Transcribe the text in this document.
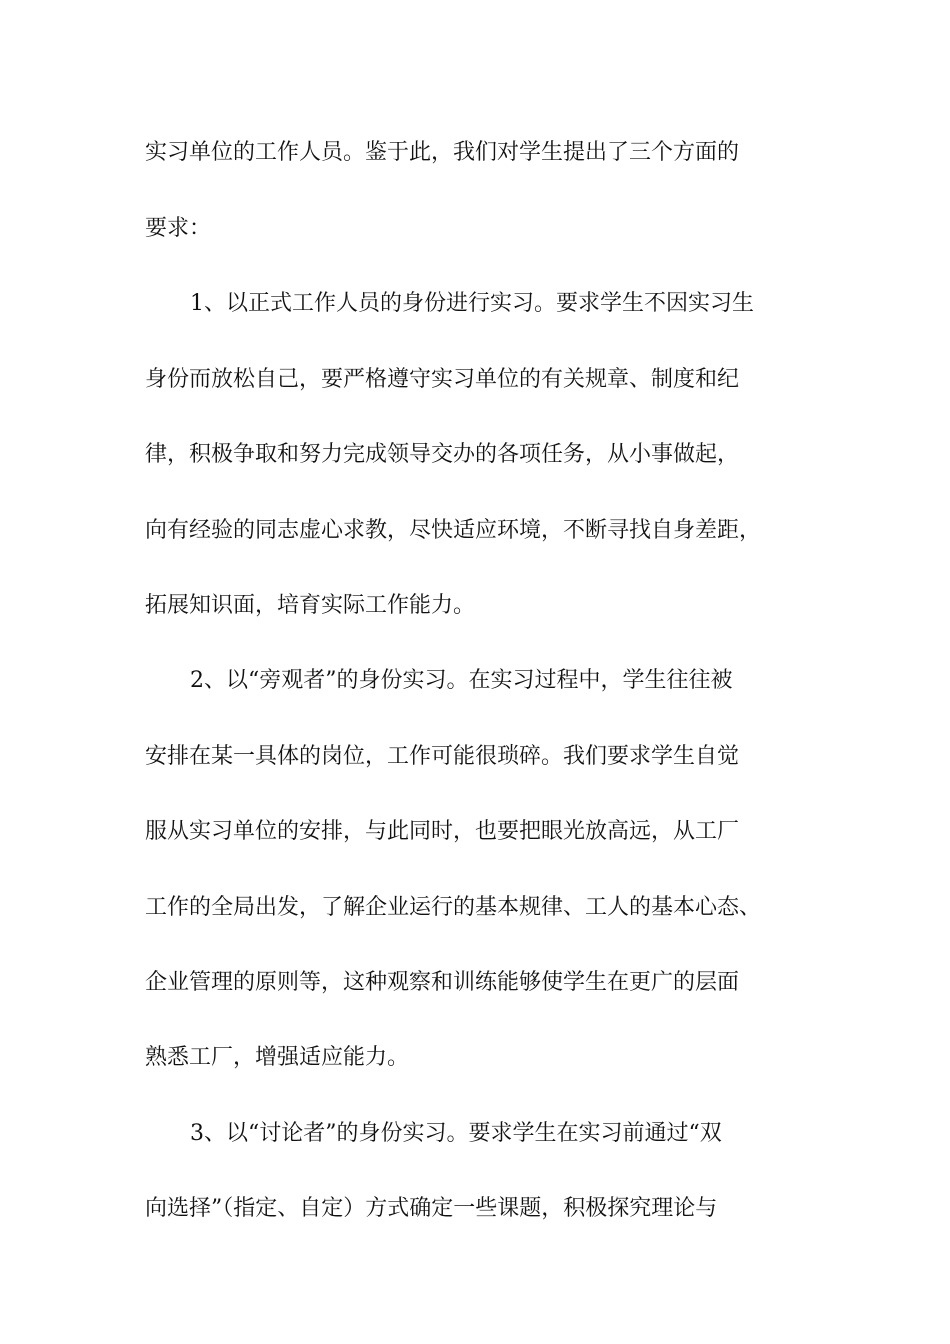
实习单位的工作人员。鉴于此，我们对学生提出了三个方面的
要求：
1、以正式工作人员的身份进行实习。要求学生不因实习生
身份而放松自己，要严格遵守实习单位的有关规章、制度和纪
律，积极争取和努力完成领导交办的各项任务，从小事做起，
向有经验的同志虚心求教，尽快适应环境，不断寻找自身差距，
拓展知识面，培育实际工作能力。
2、以“旁观者”的身份实习。在实习过程中，学生往往被
安排在某一具体的岗位，工作可能很琐碎。我们要求学生自觉
服从实习单位的安排，与此同时，也要把眼光放高远，从工厂
工作的全局出发，了解企业运行的基本规律、工人的基本心态、
企业管理的原则等，这种观察和训练能够使学生在更广的层面
熟悉工厂，增强适应能力。
3、以“讨论者”的身份实习。要求学生在实习前通过“双
向选择”（指定、自定）方式确定一些课题，积极探究理论与
